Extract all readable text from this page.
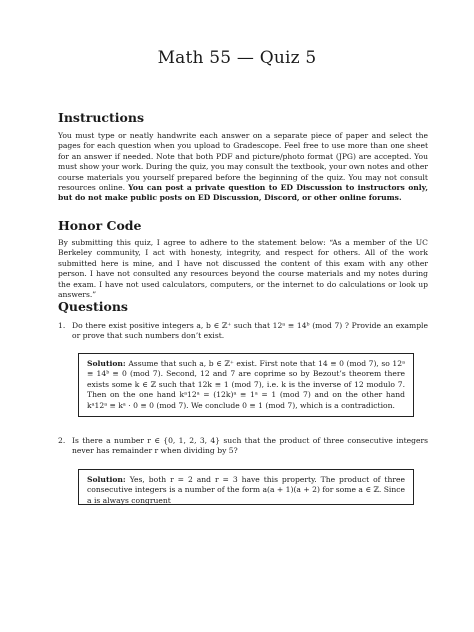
Math 55 — Quiz 5
Instructions

You must type or neatly handwrite each answer on a separate piece of paper and select the pages for each question when you upload to Gradescope. Feel free to use more than one sheet for an answer if needed. Note that both PDF and picture/photo format (JPG) are accepted. You must show your work. During the quiz, you may consult the textbook, your own notes and other course materials you yourself prepared before the beginning of the quiz. You may not consult resources online. You can post a private question to ED Discussion to instructors only, but do not make public posts on ED Discussion, Discord, or other online forums.

Honor Code

By submitting this quiz, I agree to adhere to the statement below: “As a member of the UC Berkeley community, I act with honesty, integrity, and respect for others. All of the work submitted here is mine, and I have not discussed the content of this exam with any other person. I have not consulted any resources beyond the course materials and my notes during the exam. I have not used calculators, computers, or the internet to do calculations or look up answers.”

Questions
1. Do there exist positive integers a, b ∈ ℤ⁺ such that 12ᵃ ≡ 14ᵇ (mod 7) ? Provide an example or prove that such numbers don’t exist.
Solution: Assume that such a, b ∈ ℤ⁺ exist. First note that 14 ≡ 0 (mod 7), so 12ᵃ ≡ 14ᵇ ≡ 0 (mod 7). Second, 12 and 7 are coprime so by Bezout’s theorem there exists some k ∈ ℤ such that 12k ≡ 1 (mod 7), i.e. k is the inverse of 12 modulo 7. Then on the one hand kᵃ12ᵃ = (12k)ᵃ ≡ 1ᵃ = 1 (mod 7) and on the other hand kᵃ12ᵃ ≡ kᵃ · 0 ≡ 0 (mod 7). We conclude 0 ≡ 1 (mod 7), which is a contradiction.
2. Is there a number r ∈ {0, 1, 2, 3, 4} such that the product of three consecutive integers never has remainder r when dividing by 5?
Solution: Yes, both r = 2 and r = 3 have this property. The product of three consecutive integers is a number of the form a(a + 1)(a + 2) for some a ∈ ℤ. Since a is always congruent
